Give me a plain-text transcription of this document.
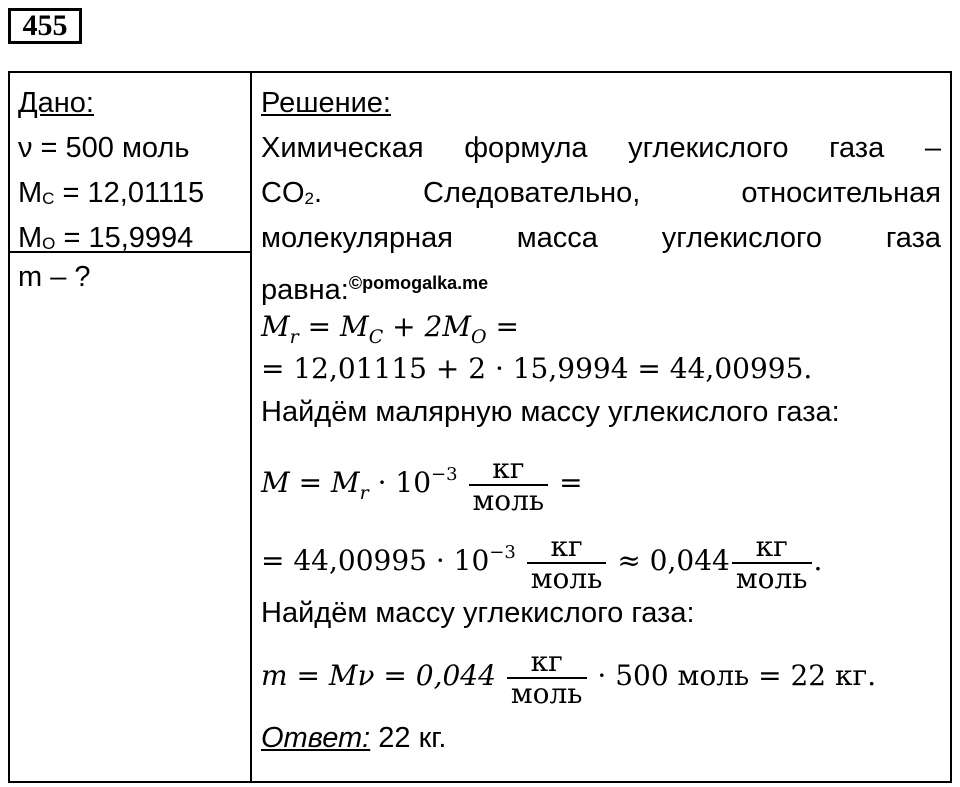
455
Дано:
ν = 500 моль
MC = 12,01115
MO = 15,9994
m – ?
Решение:
Химическая формула углекислого газа –
CO2 . Следовательно, относительная
молекулярная масса углекислого газа
равна:$^{©pomogalka.me}$
$M_r = M_C + 2M_O$ =
= 12,01115 + 2 · 15,9994 = 44,00995.
Найдём малярную массу углекислого газа:
$M = M_r \cdot 10^{-3} \frac{кг}{\text{моль}}$ =
= $44,00995 \cdot 10^{-3} \frac{кг}{\text{моль}} \approx 0,044 \frac{кг}{\text{моль}}$ .
Найдём массу углекислого газа:
$m = M\nu = 0,044 \frac{кг}{\text{моль}} \cdot 500$ моль = 22 кг.
Ответ: 22 кг.
